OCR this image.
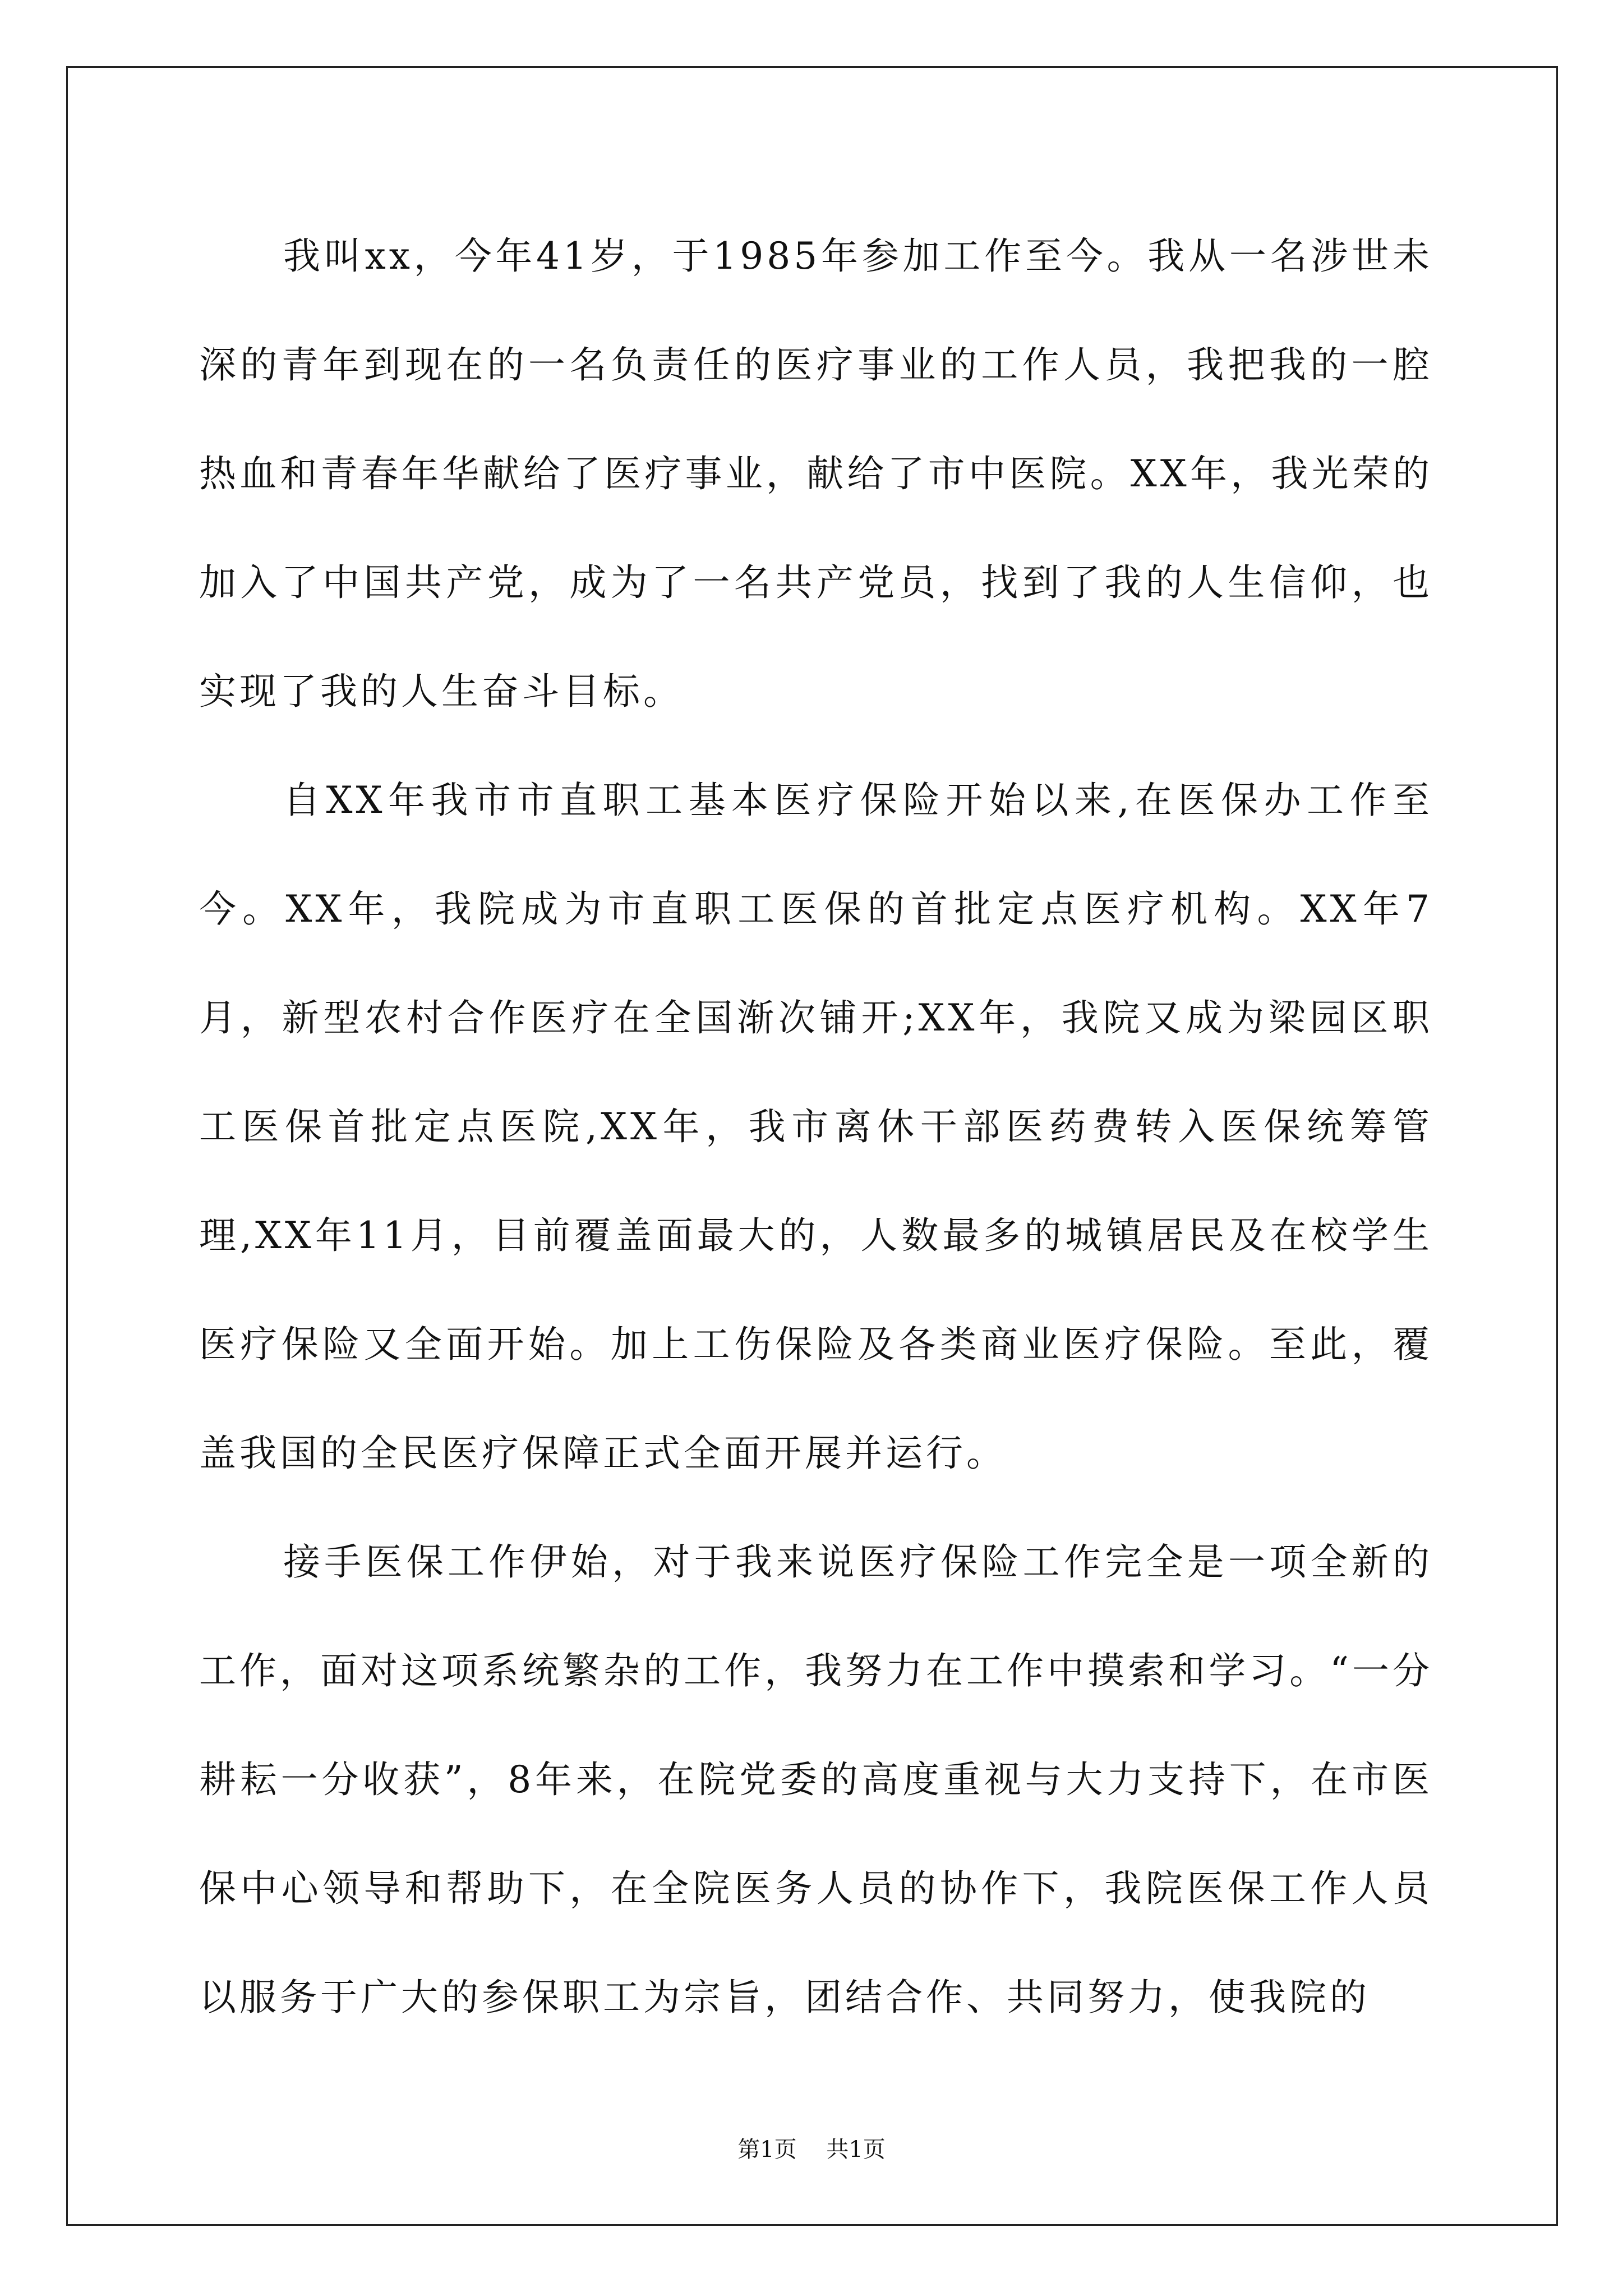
我叫xx，今年41岁，于1985年参加工作至今。我从一名涉世未深的青年到现在的一名负责任的医疗事业的工作人员，我把我的一腔热血和青春年华献给了医疗事业，献给了市中医院。XX年，我光荣的加入了中国共产党，成为了一名共产党员，找到了我的人生信仰，也实现了我的人生奋斗目标。

自XX年我市市直职工基本医疗保险开始以来,在医保办工作至今。XX年，我院成为市直职工医保的首批定点医疗机构。XX年7月，新型农村合作医疗在全国渐次铺开;XX年，我院又成为梁园区职工医保首批定点医院,XX年，我市离休干部医药费转入医保统筹管理,XX年11月，目前覆盖面最大的，人数最多的城镇居民及在校学生医疗保险又全面开始。加上工伤保险及各类商业医疗保险。至此，覆盖我国的全民医疗保障正式全面开展并运行。

接手医保工作伊始，对于我来说医疗保险工作完全是一项全新的工作，面对这项系统繁杂的工作，我努力在工作中摸索和学习。“一分耕耘一分收获”，8年来，在院党委的高度重视与大力支持下，在市医保中心领导和帮助下，在全院医务人员的协作下，我院医保工作人员以服务于广大的参保职工为宗旨，团结合作、共同努力，使我院的

第1页 共1页
